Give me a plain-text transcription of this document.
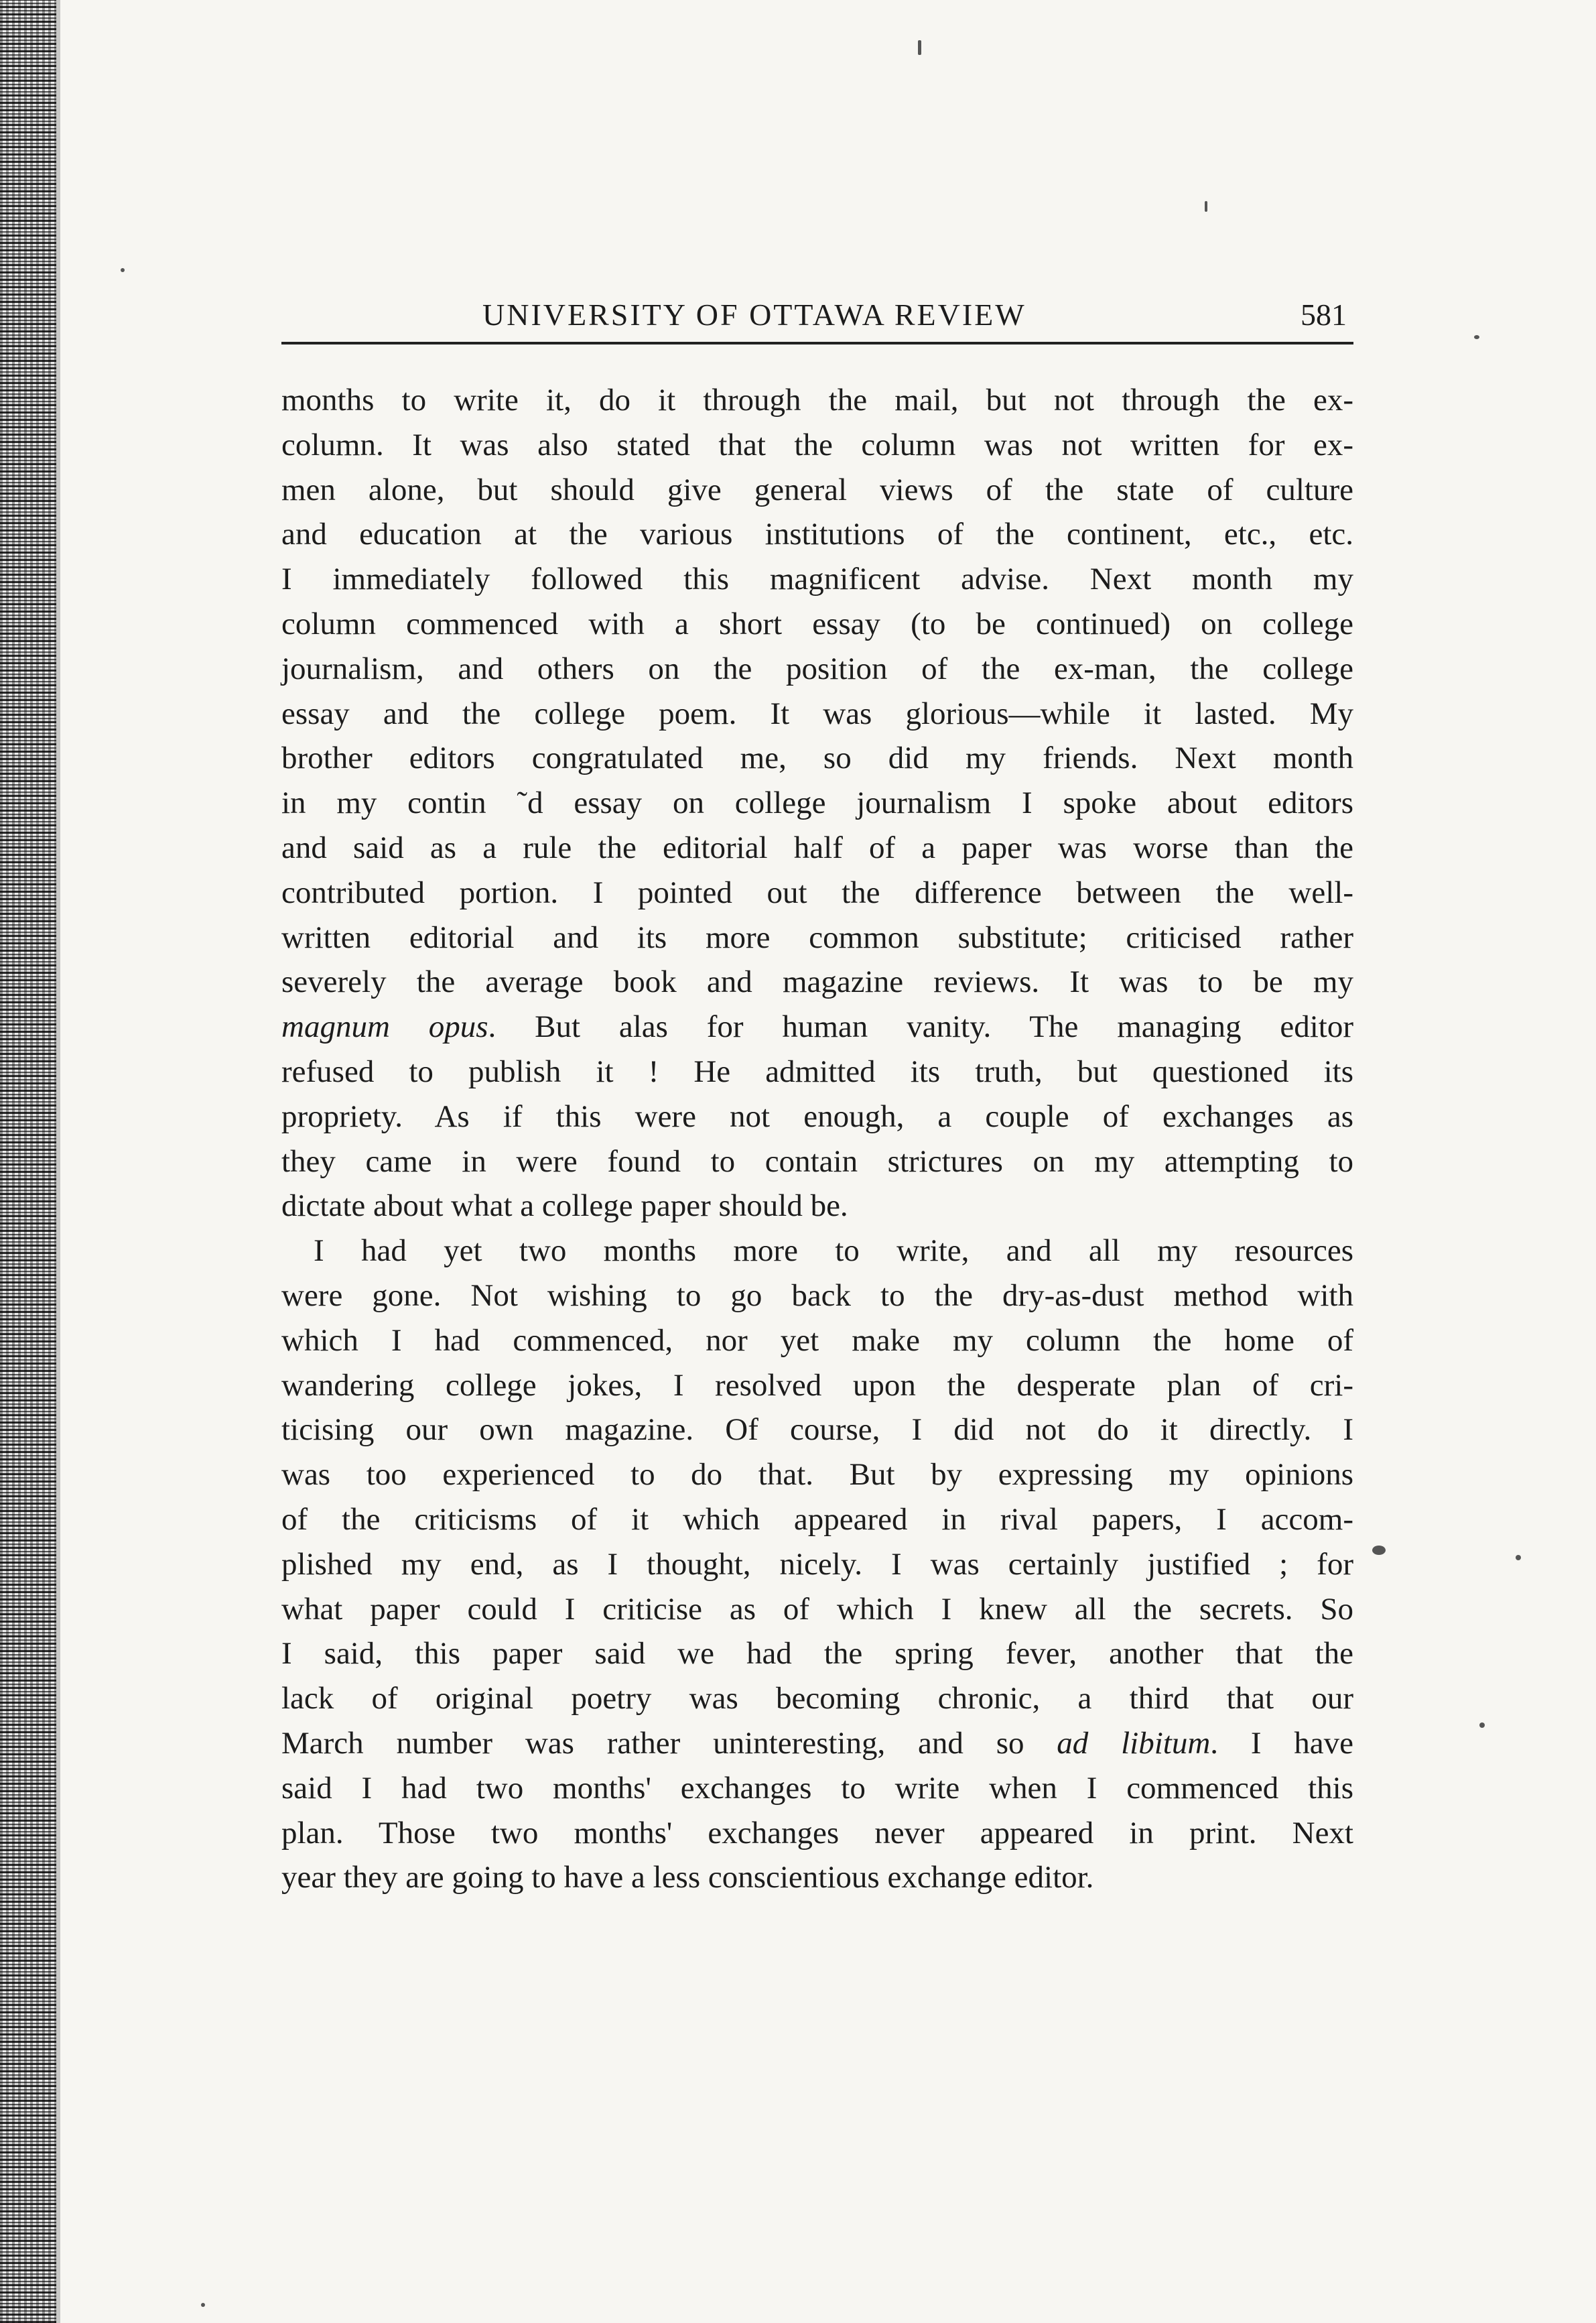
UNIVERSITY OF OTTAWA REVIEW	581
months to write it, do it through the mail, but not through the ex-
column. It was also stated that the column was not written for ex-
men alone, but should give general views of the state of culture
and education at the various institutions of the continent, etc., etc.
I immediately followed this magnificent advise. Next month my
column commenced with a short essay (to be continued) on college
journalism, and others on the position of the ex-man, the college
essay and the college poem. It was glorious—while it lasted. My
brother editors congratulated me, so did my friends. Next month
in my contin ˜d essay on college journalism I spoke about editors
and said as a rule the editorial half of a paper was worse than the
contributed portion. I pointed out the difference between the well-
written editorial and its more common substitute; criticised rather
severely the average book and magazine reviews. It was to be my
magnum opus. But alas for human vanity. The managing editor
refused to publish it ! He admitted its truth, but questioned its
propriety. As if this were not enough, a couple of exchanges as
they came in were found to contain strictures on my attempting to
dictate about what a college paper should be.
I had yet two months more to write, and all my resources
were gone. Not wishing to go back to the dry-as-dust method with
which I had commenced, nor yet make my column the home of
wandering college jokes, I resolved upon the desperate plan of cri-
ticising our own magazine. Of course, I did not do it directly. I
was too experienced to do that. But by expressing my opinions
of the criticisms of it which appeared in rival papers, I accom-
plished my end, as I thought, nicely. I was certainly justified ; for
what paper could I criticise as of which I knew all the secrets. So
I said, this paper said we had the spring fever, another that the
lack of original poetry was becoming chronic, a third that our
March number was rather uninteresting, and so ad libitum. I have
said I had two months' exchanges to write when I commenced this
plan. Those two months' exchanges never appeared in print. Next
year they are going to have a less conscientious exchange editor.
